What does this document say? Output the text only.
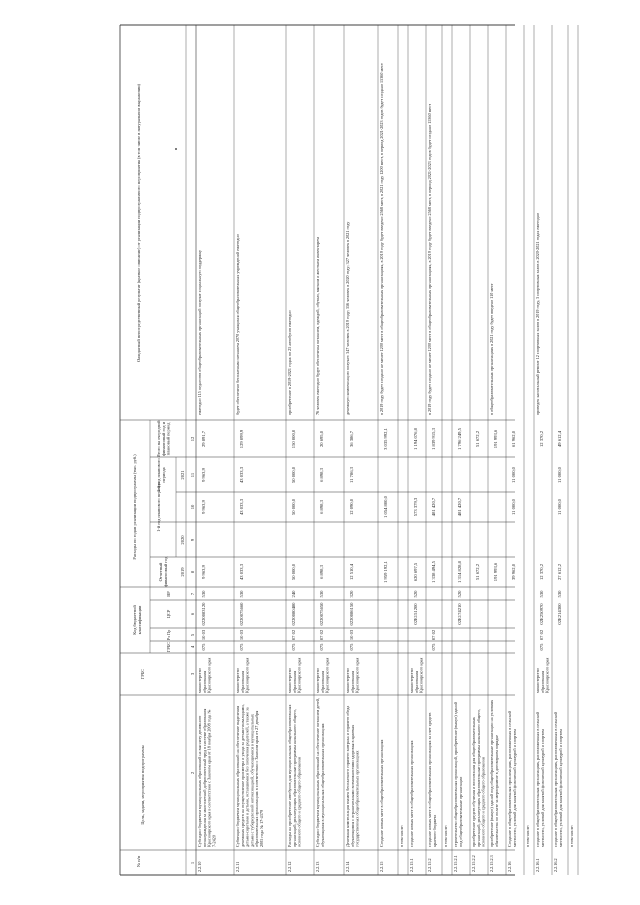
№ п/п
Цель, задачи, мероприятия подпрограммы
ГРБС
Код бюджетнойклассификации
ГРБС
Рз Пр
ЦСР
ВР
Расходы по годам реализации подпрограммы (тыс. руб.)
Отчетныйфинансовый год
1-й год планового периода
2-й год плановогопериода
Итого на очереднойфинансовый год иплановый период
Ожидаемый непосредственный результат (краткое описание) от реализации подпрограммного мероприятия (в том числе в натуральном выражении)
2019
2020
2021
1
2
3
4
5
6
7
8
9
10
11
12
2.2.10
Субсидии бюджетам муниципальных образований на выплату денежноговознаграждения за многолетний добросовестный труд в системе образованияКрасноярского края в соответствии с Законом края от 18 ноября 2008 года №7-2420
министерствообразованияКрасноярского края
075
10 03
0220083120
530
9 963,9
9 963,9
9 963,9
29 891,7
ежегодно 115 педагогов общеобразовательных организаций получат социальную поддержку
2.2.11
Субвенции бюджетам муниципальных образований на обеспечение выделенияденежных средств на осуществление присмотра и ухода за детьми-инвалидами,детьми-сиротами и детьми, оставшимися без попечения родителей, а также задетьми с туберкулезной интоксикацией, обучающимися в муниципальныхобразовательных организациях в соответствии с Законом края от 27 декабря2005 года № 17-4379
министерствообразованияКрасноярского края
075
10 03
0220075660
530
43 033,3
43 033,3
43 033,3
129 099,9
будет обеспечено бесплатным питанием 2070 учащихся общеобразовательных учреждений ежегодно
2.2.12
Расходы на приобретение автобусов для муниципальных общеобразовательныхорганизаций, реализующих образовательные программы начального общего,основного общего и среднего общего образования
министерствообразованияКрасноярского края
075
07 02
0220080480
240
50 000,0
50 000,0
50 000,0
150 000,0
приобретение в 2019-2021 годах по 25 автобусов ежегодно
2.2.13
Субсидии бюджетам муниципальных образований на обеспечение питанием детей,обучающихся в муниципальных общеобразовательных организациях
министерствообразованияКрасноярского края
075
07 02
0220075650
530
6 898,3
6 898,3
6 898,3
20 695,0
76 человек ежегодно будут обеспечены питанием, одеждой, обувью, мягким и жестким инвентарем
2.2.14
Денежная компенсация взамен бесплатного горячего завтрака и горячего обедаобучающимся с ограниченными возможностями здоровья в краевыхгосударственных общеобразовательных организациях
министерствообразованияКрасноярского края
075
10 03
0220086150
320
12 510,4
12 090,0
11 786,3
36 386,7
денежную компенсацию получат: 347 человек в 2019 году; 356 человек в 2020 году; 327 человек в 2021 году
2.2.15
Создание новых мест в общеобразовательных организациях
1 959 192,1
1 054 800,0
3 035 992,1
в 2019 году будет создано не менее 1200 мест в общеобразовательных организациях, в 2019 году будет введено 2568 мест, в 2021 году 1200 мест, в период 2021-2023 годов будет создано 15360 мест
в том числе:
2.2.15.1
создание новых мест в общеобразовательных организациях
министерствообразованияКрасноярского края
02Е151200
520
620 697,5
573 379,3
1 194 076,8
2.2.15.2
создание новых мест в общеобразовательных организациях за счет средствкраевого бюджета
075
07 02
1 338 494,5
481 420,7
1 839 915,3
в 2019 году будет создано не менее 1200 мест в общеобразовательных организациях, в 2019 году будет введено 2568 мест, в период 2021-2023 годов будет создано 15360 мест
в том числе:
2.2.15.2.1
строительство общеобразовательных организаций, приобретение (выкуп) зданийпод общеобразовательные организации
02Е174210
520
1 314 828,8
481 420,7
1 796 249,5
2.2.15.2.2
приобретение средств обучения и воспитания для общеобразовательныхорганизаций, реализующих образовательные программы начального общего,основного общего и среднего общего образования
51 672,2
51 672,2
2.2.15.2.3
приобретение (выкуп) зданий под общеобразовательные организации на условияхобязательства по оплате за мероприятие в договорном порядке
191 993,6
191 993,6
в общеобразовательных организациях в 2021 году будет введено 110 мест
2.2.16
Создание в общеобразовательных организациях, расположенных в сельскойместности, условий для занятий физической культурой и спортом
39 962,0
11 000,0
11 000,0
61 962,0
в том числе:
2.2.16.1
создание в общеобразовательных организациях, расположенных в сельскойместности, условий для занятий физической культурой и спортом
министерствообразованияКрасноярского края
075
07 02
02Е250970
530
12 370,2
12 370,2
проведен капитальный ремонт 12 спортивных залов в 2019 году, 3 спортивных залов в 2020-2021 годах ежегодно
2.2.16.2
создание в общеобразовательных организациях, расположенных в сельскойместности, условий для занятий физической культурой и спортом
02Е214300
530
27 612,2
11 000,0
11 000,0
49 612,4
в том числе:
